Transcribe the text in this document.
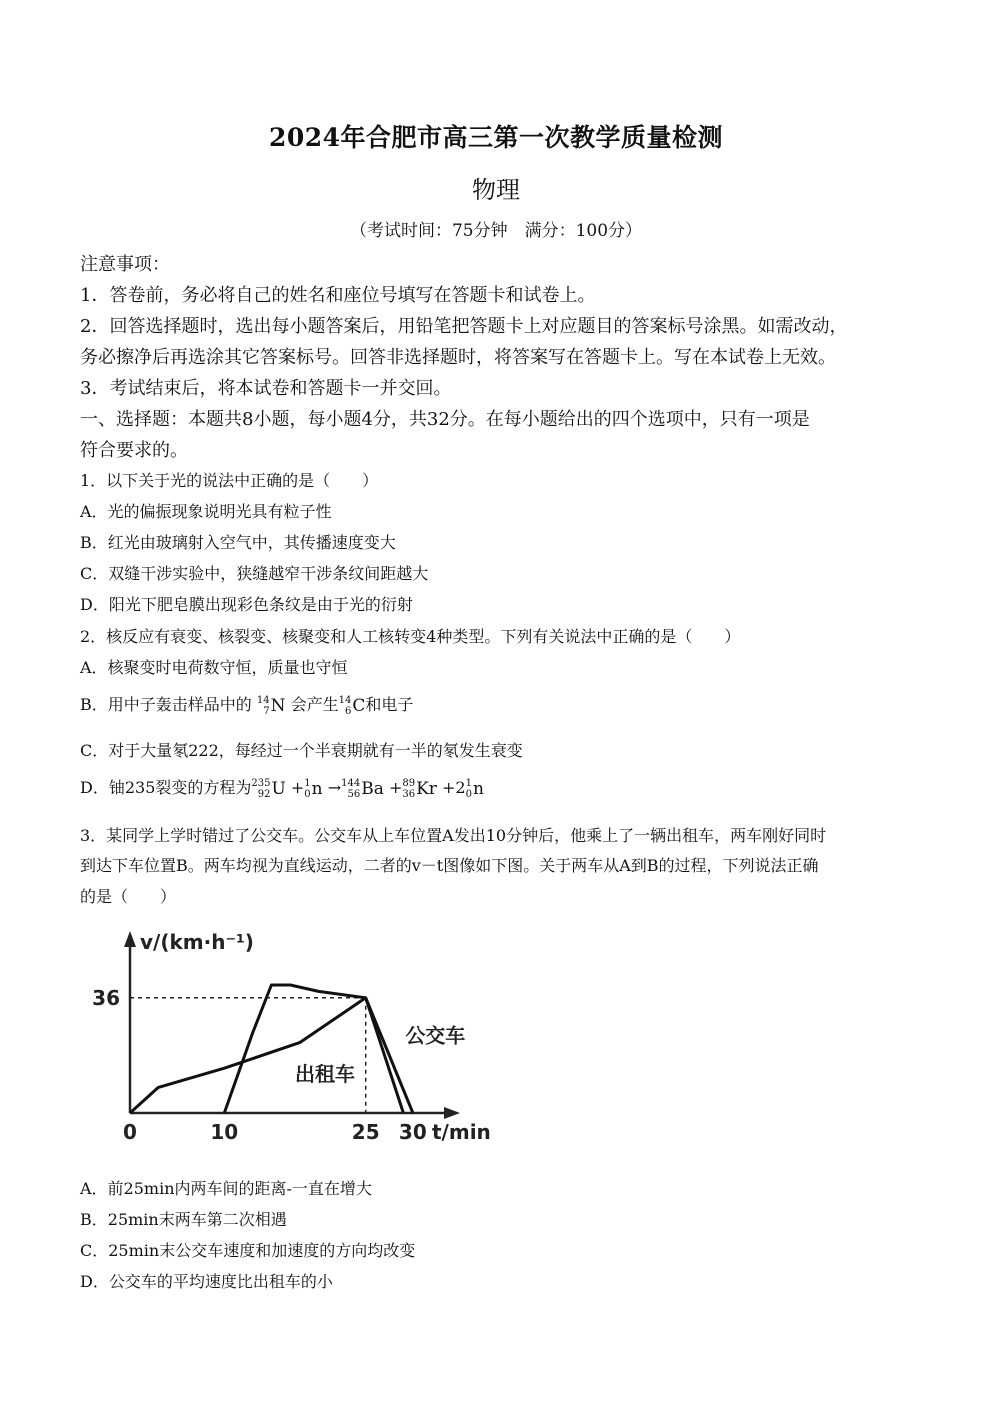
2024年合肥市高三第一次教学质量检测
物理
（考试时间：75分钟　满分：100分）
注意事项：
1．答卷前，务必将自己的姓名和座位号填写在答题卡和试卷上。
2．回答选择题时，选出每小题答案后，用铅笔把答题卡上对应题目的答案标号涂黑。如需改动，
务必擦净后再选涂其它答案标号。回答非选择题时，将答案写在答题卡上。写在本试卷上无效。
3．考试结束后，将本试卷和答题卡一并交回。
一、选择题：本题共8小题，每小题4分，共32分。在每小题给出的四个选项中，只有一项是
符合要求的。
1．以下关于光的说法中正确的是（　　）
A．光的偏振现象说明光具有粒子性
B．红光由玻璃射入空气中，其传播速度变大
C．双缝干涉实验中，狭缝越窄干涉条纹间距越大
D．阳光下肥皂膜出现彩色条纹是由于光的衍射
2．核反应有衰变、核裂变、核聚变和人工核转变4种类型。下列有关说法中正确的是（　　）
A．核聚变时电荷数守恒，质量也守恒
B．用中子轰击样品中的 14
7 N 会产生 14
6 C和电子
C．对于大量氡222，每经过一个半衰期就有一半的氡发生衰变
D．铀235裂变的方程为 235
92 U + 1
0 n → 144
56 Ba + 89
36 Kr +2 1
0 n
3．某同学上学时错过了公交车。公交车从上车位置A发出10分钟后，他乘上了一辆出租车，两车刚好同时
到达下车位置B。两车均视为直线运动，二者的v－t图像如下图。关于两车从A到B的过程，下列说法正确
的是（　　）
0	10	25 30
36
v/(km·h⁻¹)
t/min
公交车
出租车
A．前25min内两车间的距离-一直在增大
B．25min末两车第二次相遇
C．25min末公交车速度和加速度的方向均改变
D．公交车的平均速度比出租车的小
